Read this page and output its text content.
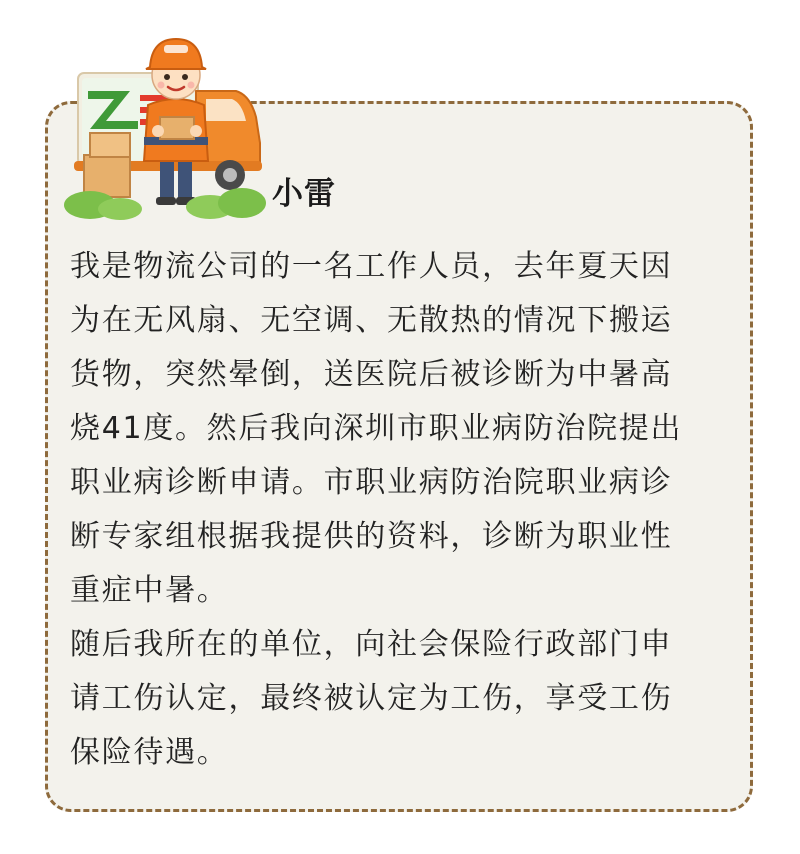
小雷
我是物流公司的一名工作人员，去年夏天因
为在无风扇、无空调、无散热的情况下搬运
货物，突然晕倒，送医院后被诊断为中暑高
烧41度。然后我向深圳市职业病防治院提出
职业病诊断申请。市职业病防治院职业病诊
断专家组根据我提供的资料，诊断为职业性
重症中暑。
随后我所在的单位，向社会保险行政部门申
请工伤认定，最终被认定为工伤，享受工伤
保险待遇。
